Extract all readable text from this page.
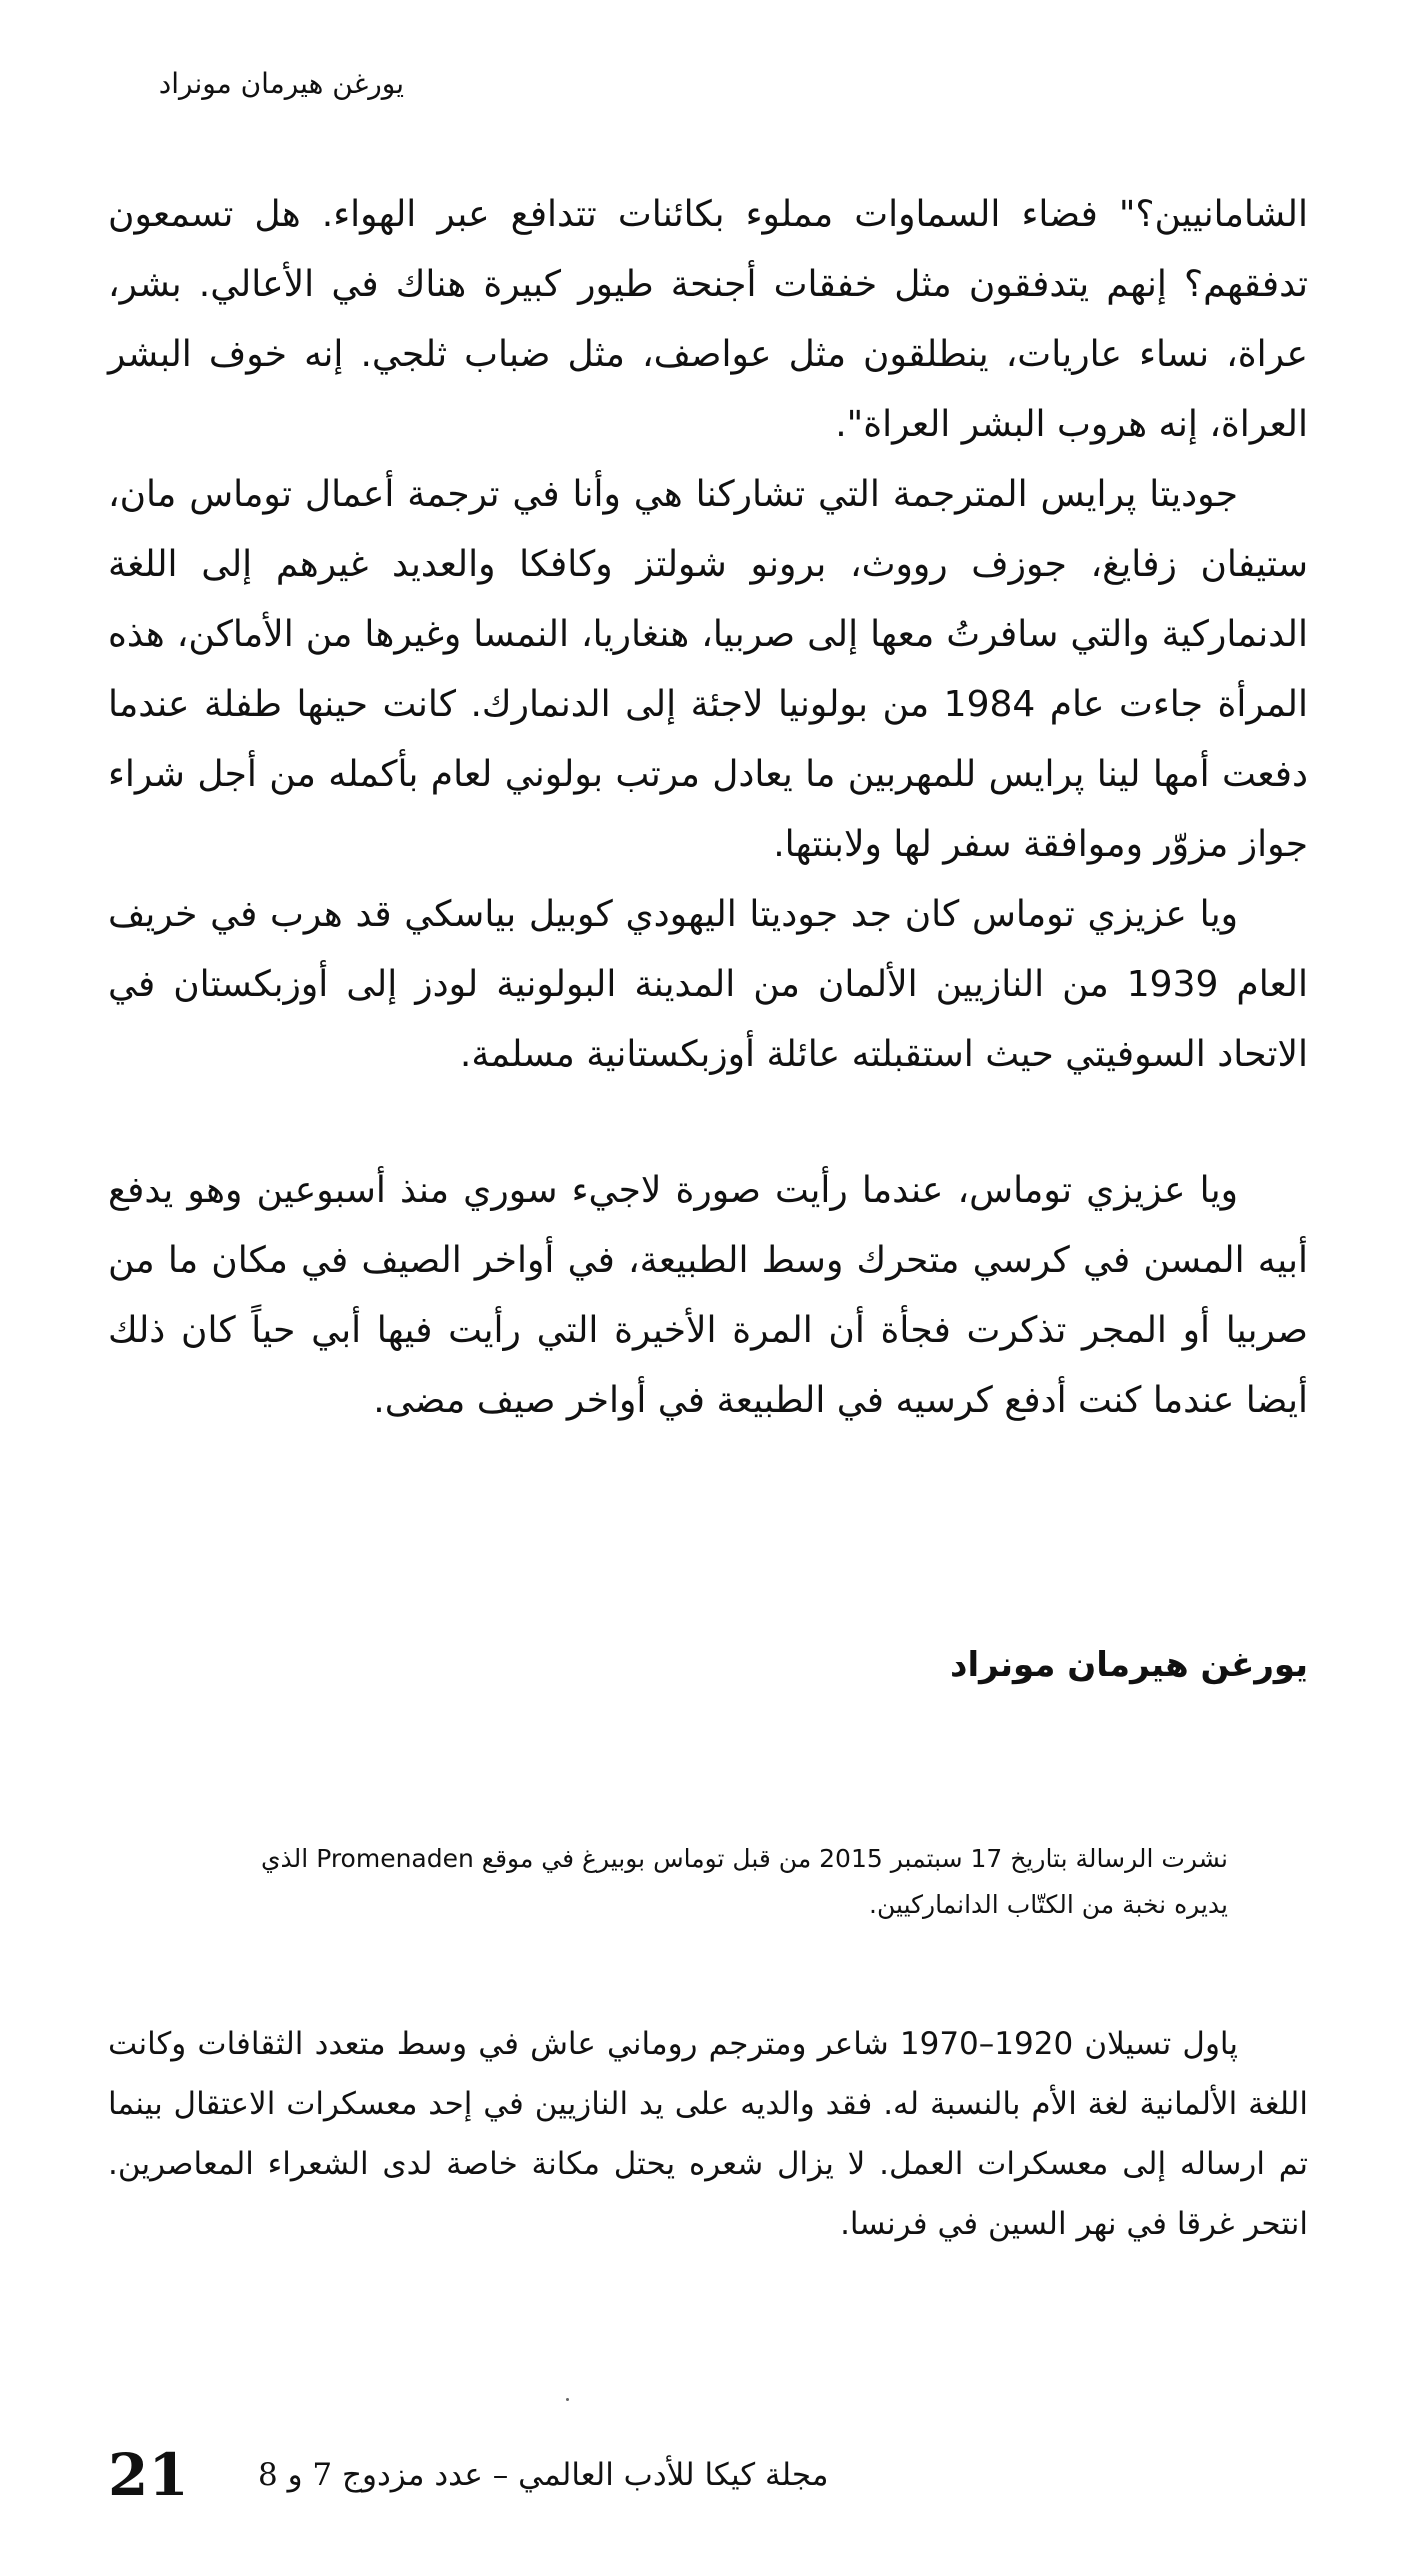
يورغن هيرمان مونراد

الشامانيين؟" فضاء السماوات مملوء بكائنات تتدافع عبر الهواء. هل تسمعون تدفقهم؟ إنهم يتدفقون مثل خفقات أجنحة طيور كبيرة هناك في الأعالي. بشر، عراة، نساء عاريات، ينطلقون مثل عواصف، مثل ضباب ثلجي. إنه خوف البشر العراة، إنه هروب البشر العراة".

جوديتا پرايس المترجمة التي تشاركنا هي وأنا في ترجمة أعمال توماس مان، ستيفان زفايغ، جوزف رووث، برونو شولتز وكافكا والعديد غيرهم إلى اللغة الدنماركية والتي سافرتُ معها إلى صربيا، هنغاريا، النمسا وغيرها من الأماكن، هذه المرأة جاءت عام 1984 من بولونيا لاجئة إلى الدنمارك. كانت حينها طفلة عندما دفعت أمها لينا پرايس للمهربين ما يعادل مرتب بولوني لعام بأكمله من أجل شراء جواز مزوّر وموافقة سفر لها ولابنتها.

ويا عزيزي توماس كان جد جوديتا اليهودي كوبيل بياسكي قد هرب في خريف العام 1939 من النازيين الألمان من المدينة البولونية لودز إلى أوزبكستان في الاتحاد السوفيتي حيث استقبلته عائلة أوزبكستانية مسلمة.

ويا عزيزي توماس، عندما رأيت صورة لاجيء سوري منذ أسبوعين وهو يدفع أبيه المسن في كرسي متحرك وسط الطبيعة، في أواخر الصيف في مكان ما من صربيا أو المجر تذكرت فجأة أن المرة الأخيرة التي رأيت فيها أبي حياً كان ذلك أيضا عندما كنت أدفع كرسيه في الطبيعة في أواخر صيف مضى.

يورغن هيرمان مونراد

نشرت الرسالة بتاريخ 17 سبتمبر 2015 من قبل توماس بوبيرغ في موقع Promenaden الذي

يديره نخبة من الكتّاب الدانماركيين.

پاول تسيلان 1920–1970 شاعر ومترجم روماني عاش في وسط متعدد الثقافات وكانت اللغة الألمانية لغة الأم بالنسبة له. فقد والديه على يد النازيين في إحد معسكرات الاعتقال بينما تم ارساله إلى معسكرات العمل. لا يزال شعره يحتل مكانة خاصة لدى الشعراء المعاصرين. انتحر غرقا في نهر السين في فرنسا.

21 مجلة كيكا للأدب العالمي – عدد مزدوج 7 و 8
